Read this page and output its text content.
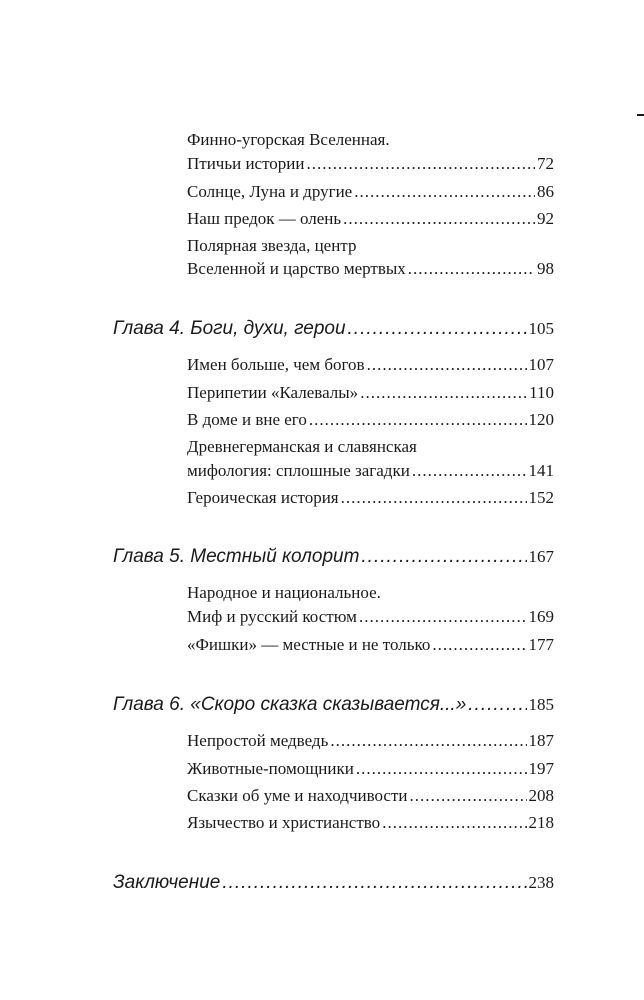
Финно-угорская Вселенная.
Птичьи истории .....	72
Солнце, Луна и другие .....	86
Наш предок — олень .....	92
Полярная звезда, центр
Вселенной и царство мертвых .....	98
Глава 4. Боги, духи, герои .....	105
Имен больше, чем богов .....	107
Перипетии «Калевалы» .....	110
В доме и вне его .....	120
Древнегерманская и славянская
мифология: сплошные загадки .....	141
Героическая история .....	152
Глава 5. Местный колорит .....	167
Народное и национальное.
Миф и русский костюм .....	169
«Фишки» — местные и не только .....	177
Глава 6. «Скоро сказка сказывается...» .....	185
Непростой медведь .....	187
Животные-помощники .....	197
Сказки об уме и находчивости .....	208
Язычество и христианство .....	218
Заключение .....	238
